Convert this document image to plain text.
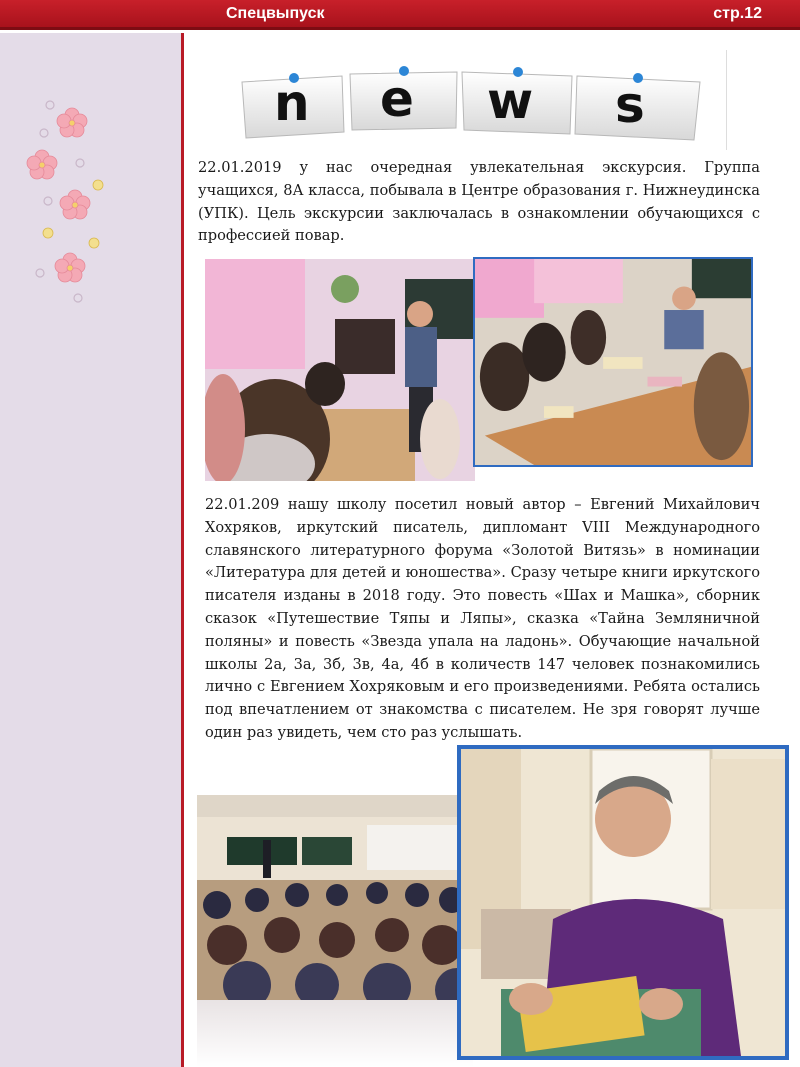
Спецвыпуск	стр.12
n e w s

22.01.2019 у нас очередная увлекательная экскурсия. Группа учащихся, 8А класса, побывала в Центре образования г. Нижнеудинска (УПК). Цель экскурсии заключалась в ознакомлении обучающихся с профессией повар.

22.01.209 нашу школу посетил новый автор – Евгений Михайлович Хохряков, иркутский писатель, дипломант VIII Международного славянского литературного форума «Золотой Витязь» в номинации «Литература для детей и юношества». Сразу четыре книги иркутского писателя изданы в 2018 году. Это повесть «Шах и Машка», сборник сказок «Путешествие Тяпы и Ляпы», сказка «Тайна Земляничной поляны» и повесть «Звезда упала на ладонь». Обучающие начальной школы 2а, 3а, 3б, 3в, 4а, 4б в количеств 147 человек познакомились лично с Евгением Хохряковым и его произведениями. Ребята остались под впечатлением от знакомства с писателем. Не зря говорят лучше один раз увидеть, чем сто раз услышать.
